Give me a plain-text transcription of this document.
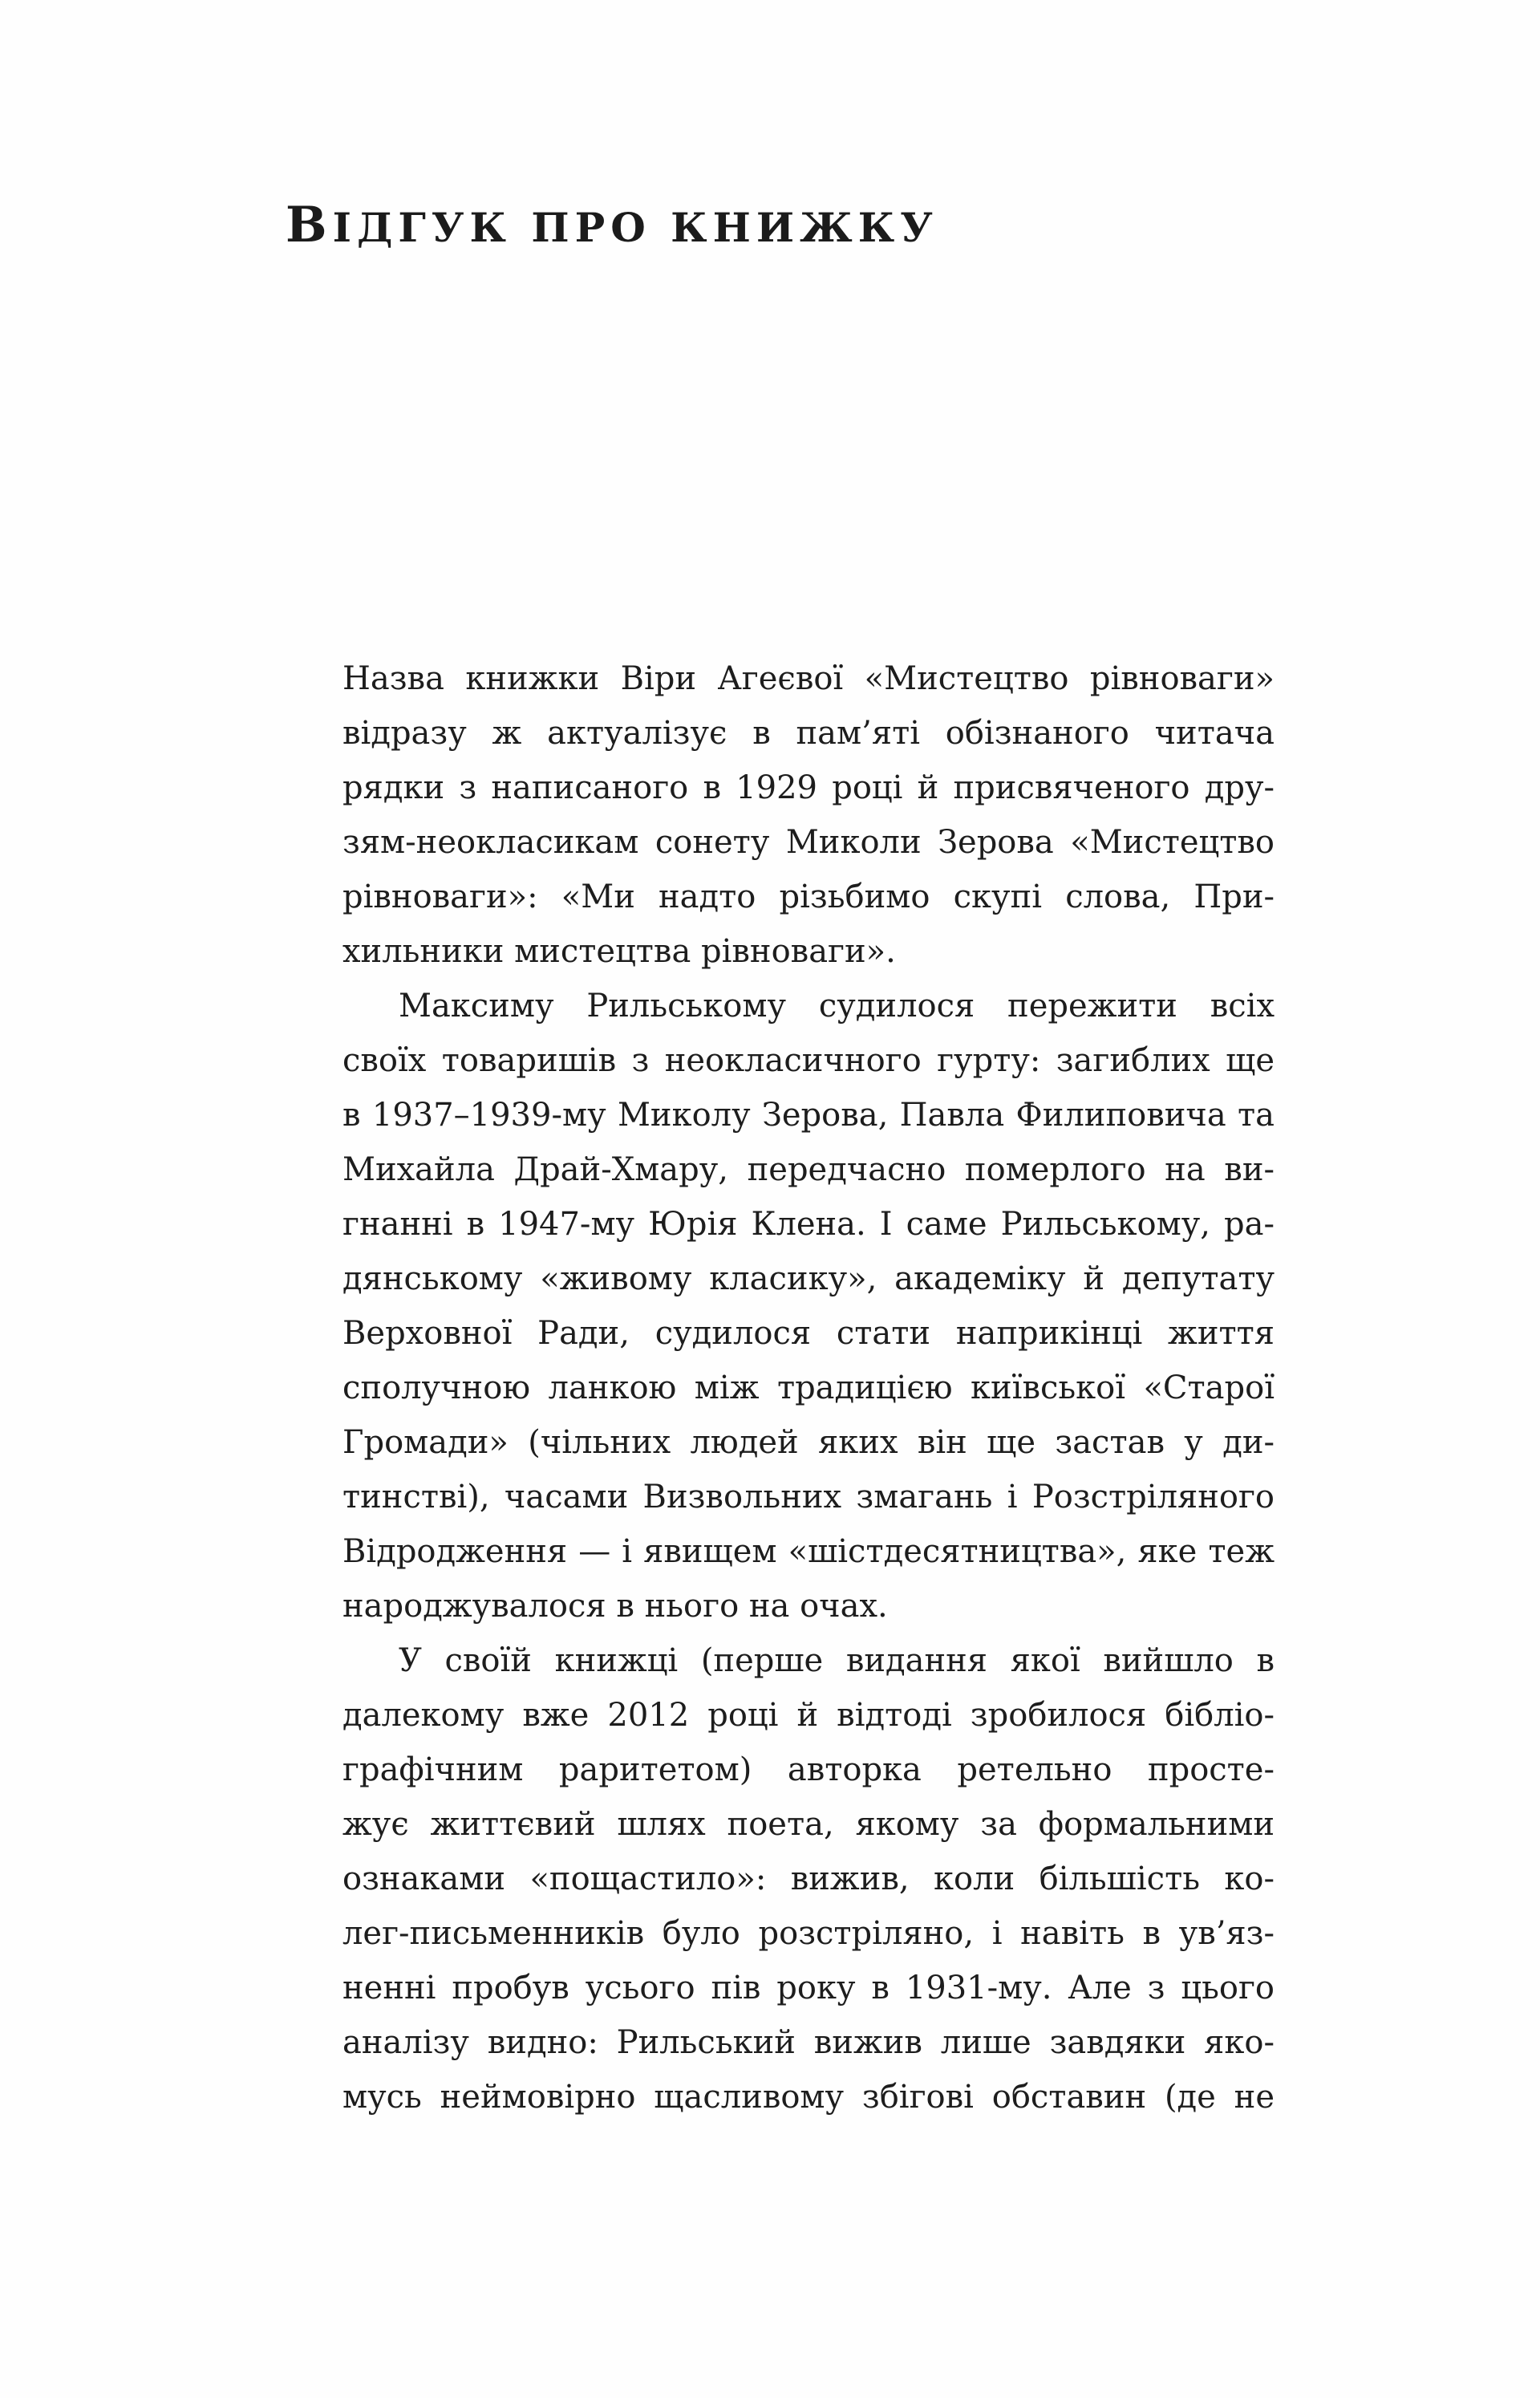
ВІДГУК ПРО КНИЖКУ
Назва книжки Віри Агеєвої «Мистецтво рівноваги»
відразу ж актуалізує в пам’яті обізнаного читача
рядки з написаного в 1929 році й присвяченого дру-
зям-неокласикам сонету Миколи Зерова «Мистецтво
рівноваги»: «Ми надто різьбимо скупі слова, При-
хильники мистецтва рівноваги».
Максиму Рильському судилося пережити всіх
своїх товаришів з неокласичного гурту: загиблих ще
в 1937–1939-му Миколу Зерова, Павла Филиповича та
Михайла Драй-Хмару, передчасно померлого на ви-
гнанні в 1947-му Юрія Клена. І саме Рильському, ра-
дянському «живому класику», академіку й депутату
Верховної Ради, судилося стати наприкінці життя
сполучною ланкою між традицією київської «Старої
Громади» (чільних людей яких він ще застав у ди-
тинстві), часами Визвольних змагань і Розстріляного
Відродження — і явищем «шістдесятництва», яке теж
народжувалося в нього на очах.
У своїй книжці (перше видання якої вийшло в
далекому вже 2012 році й відтоді зробилося бібліо-
графічним раритетом) авторка ретельно просте-
жує життєвий шлях поета, якому за формальними
ознаками «пощастило»: вижив, коли більшість ко-
лег-письменників було розстріляно, і навіть в ув’яз-
ненні пробув усього пів року в 1931-му. Але з цього
аналізу видно: Рильський вижив лише завдяки яко-
мусь неймовірно щасливому збігові обставин (де не
